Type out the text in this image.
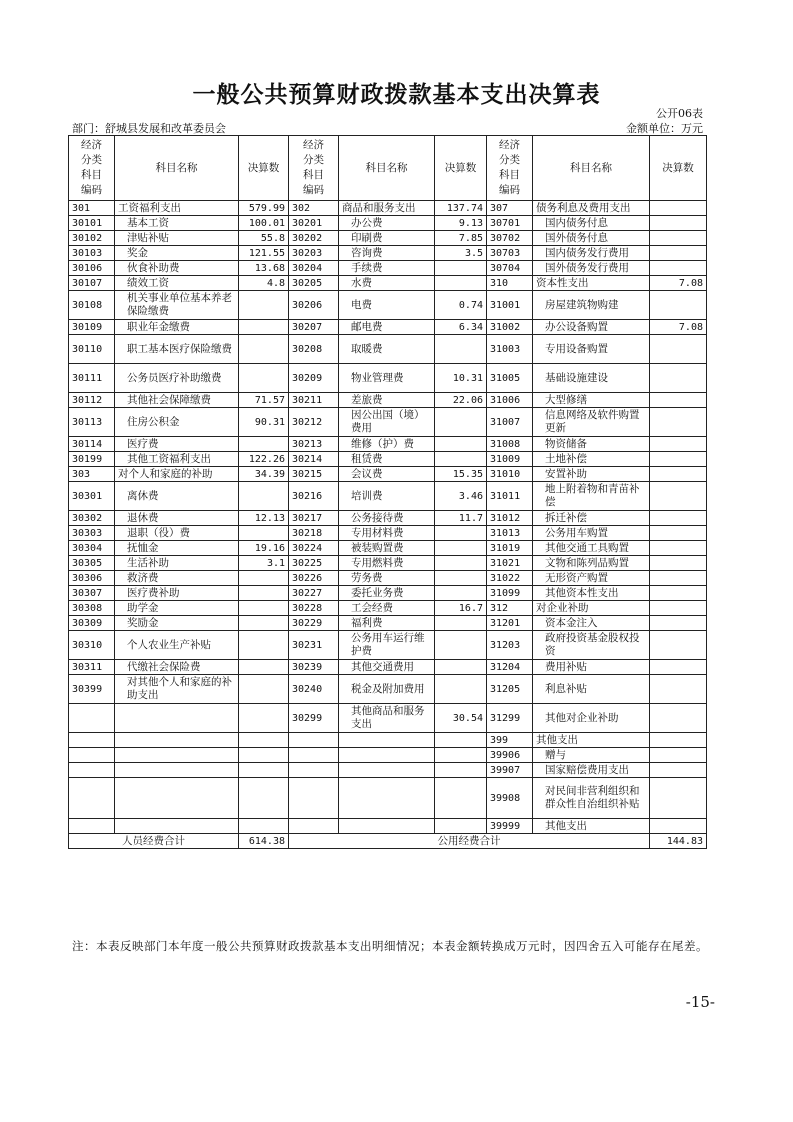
一般公共预算财政拨款基本支出决算表
公开06表
部门：舒城县发展和改革委员会	金额单位：万元
经济
分类
科目
编码	科目名称	决算数	经济
分类
科目
编码	科目名称	决算数	经济
分类
科目
编码	科目名称	决算数
301	工资福利支出	579.99	302	商品和服务支出	137.74	307	债务利息及费用支出	
30101	基本工资	100.01	30201	办公费	9.13	30701	国内债务付息	
30102	津贴补贴	55.8	30202	印刷费	7.85	30702	国外债务付息	
30103	奖金	121.55	30203	咨询费	3.5	30703	国内债务发行费用	
30106	伙食补助费	13.68	30204	手续费		30704	国外债务发行费用	
30107	绩效工资	4.8	30205	水费		310	资本性支出	7.08
30108	机关事业单位基本养老保险缴费		30206	电费	0.74	31001	房屋建筑物购建	
30109	职业年金缴费		30207	邮电费	6.34	31002	办公设备购置	7.08
30110	职工基本医疗保险缴费		30208	取暖费		31003	专用设备购置	
30111	公务员医疗补助缴费		30209	物业管理费	10.31	31005	基础设施建设	
30112	其他社会保障缴费	71.57	30211	差旅费	22.06	31006	大型修缮	
30113	住房公积金	90.31	30212	因公出国（境）费用		31007	信息网络及软件购置更新	
30114	医疗费		30213	维修（护）费		31008	物资储备	
30199	其他工资福利支出	122.26	30214	租赁费		31009	土地补偿	
303	对个人和家庭的补助	34.39	30215	会议费	15.35	31010	安置补助	
30301	离休费		30216	培训费	3.46	31011	地上附着物和青苗补偿	
30302	退休费	12.13	30217	公务接待费	11.7	31012	拆迁补偿	
30303	退职（役）费		30218	专用材料费		31013	公务用车购置	
30304	抚恤金	19.16	30224	被装购置费		31019	其他交通工具购置	
30305	生活补助	3.1	30225	专用燃料费		31021	文物和陈列品购置	
30306	救济费		30226	劳务费		31022	无形资产购置	
30307	医疗费补助		30227	委托业务费		31099	其他资本性支出	
30308	助学金		30228	工会经费	16.7	312	对企业补助	
30309	奖励金		30229	福利费		31201	资本金注入	
30310	个人农业生产补贴		30231	公务用车运行维护费		31203	政府投资基金股权投资	
30311	代缴社会保险费		30239	其他交通费用		31204	费用补贴	
30399	对其他个人和家庭的补助支出		30240	税金及附加费用		31205	利息补贴	
			30299	其他商品和服务支出	30.54	31299	其他对企业补助	
						399	其他支出	
						39906	赠与	
						39907	国家赔偿费用支出	
						39908	对民间非营利组织和群众性自治组织补贴	
						39999	其他支出	
人员经费合计		614.38	公用经费合计					144.83
注：本表反映部门本年度一般公共预算财政拨款基本支出明细情况；本表金额转换成万元时，因四舍五入可能存在尾差。
-15-
